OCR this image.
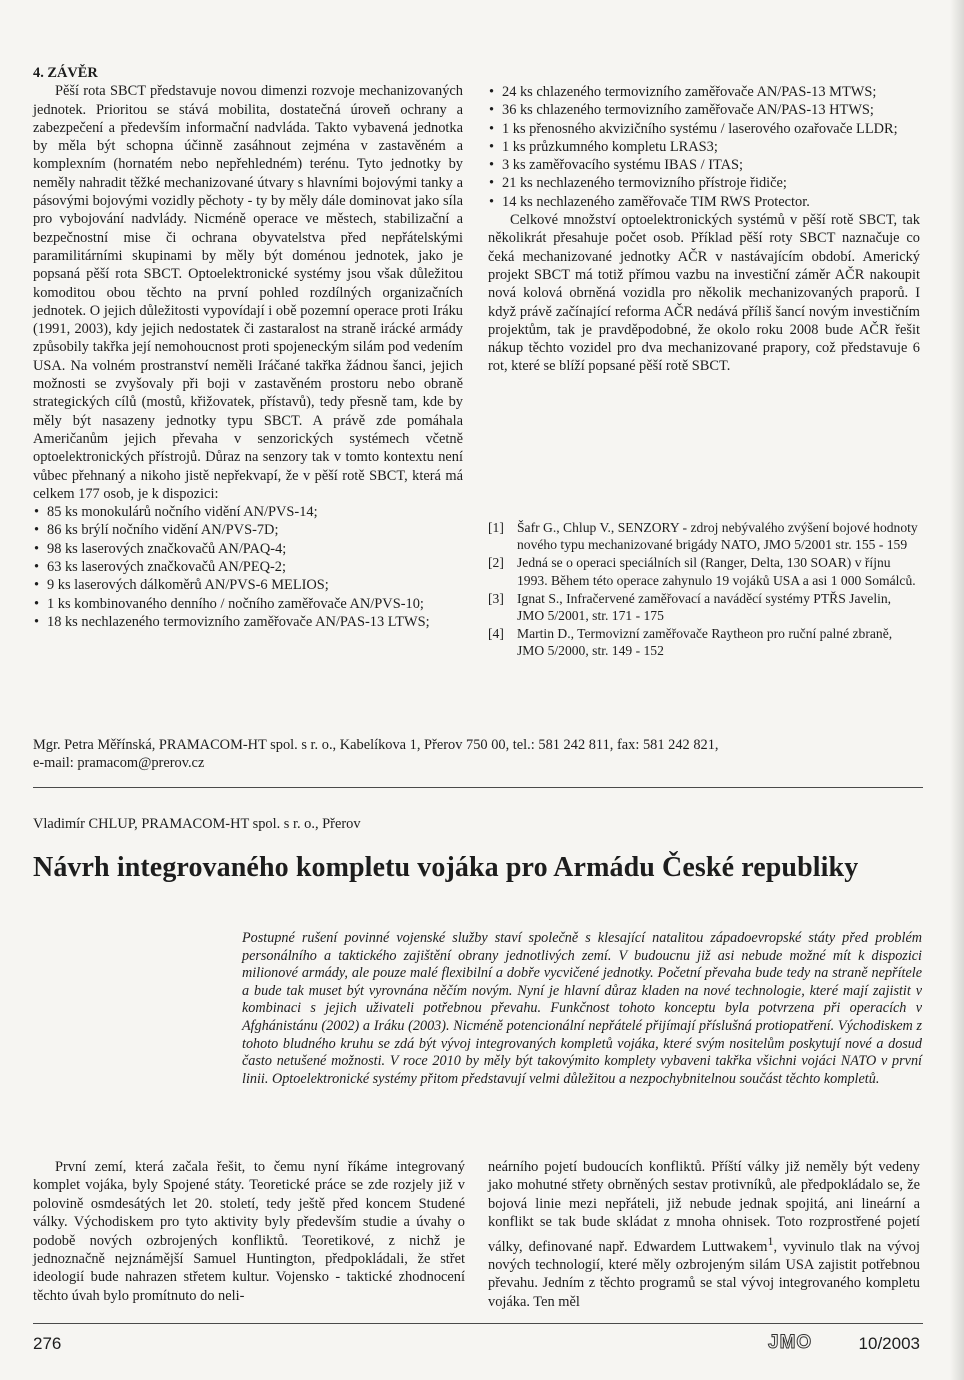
4. ZÁVĚR

Pěší rota SBCT představuje novou dimenzi rozvoje mechanizovaných jednotek. Prioritou se stává mobilita, dostatečná úroveň ochrany a zabezpečení a především informační nadvláda. Takto vybavená jednotka by měla být schopna účinně zasáhnout zejména v zastavěném a komplexním (hornatém nebo nepřehledném) terénu. Tyto jednotky by neměly nahradit těžké mechanizované útvary s hlavními bojovými tanky a pásovými bojovými vozidly pěchoty - ty by měly dále dominovat jako síla pro vybojování nadvlády. Nicméně operace ve městech, stabilizační a bezpečnostní mise či ochrana obyvatelstva před nepřátelskými paramilitárními skupinami by měly být doménou jednotek, jako je popsaná pěší rota SBCT. Optoelektronické systémy jsou však důležitou komoditou obou těchto na první pohled rozdílných organizačních jednotek. O jejich důležitosti vypovídají i obě pozemní operace proti Iráku (1991, 2003), kdy jejich nedostatek či zastaralost na straně irácké armády způsobily takřka její nemohoucnost proti spojeneckým silám pod vedením USA. Na volném prostranství neměli Iráčané takřka žádnou šanci, jejich možnosti se zvyšovaly při boji v zastavěném prostoru nebo obraně strategických cílů (mostů, křižovatek, přístavů), tedy přesně tam, kde by měly být nasazeny jednotky typu SBCT. A právě zde pomáhala Američanům jejich převaha v senzorických systémech včetně optoelektronických přístrojů. Důraz na senzory tak v tomto kontextu není vůbec přehnaný a nikoho jistě nepřekvapí, že v pěší rotě SBCT, která má celkem 177 osob, je k dispozici:

• 85 ks monokulárů nočního vidění AN/PVS-14;
• 86 ks brýlí nočního vidění AN/PVS-7D;
• 98 ks laserových značkovačů AN/PAQ-4;
• 63 ks laserových značkovačů AN/PEQ-2;
• 9 ks laserových dálkoměrů AN/PVS-6 MELIOS;
• 1 ks kombinovaného denního / nočního zaměřovače AN/PVS-10;
• 18 ks nechlazeného termovizního zaměřovače AN/PAS-13 LTWS;
• 24 ks chlazeného termovizního zaměřovače AN/PAS-13 MTWS;
• 36 ks chlazeného termovizního zaměřovače AN/PAS-13 HTWS;
• 1 ks přenosného akvizičního systému / laserového ozařovače LLDR;
• 1 ks průzkumného kompletu LRAS3;
• 3 ks zaměřovacího systému IBAS / ITAS;
• 21 ks nechlazeného termovizního přístroje řidiče;
• 14 ks nechlazeného zaměřovače TIM RWS Protector.

Celkové množství optoelektronických systémů v pěší rotě SBCT, tak několikrát přesahuje počet osob. Příklad pěší roty SBCT naznačuje co čeká mechanizované jednotky AČR v nastávajícím období. Americký projekt SBCT má totiž přímou vazbu na investiční záměr AČR nakoupit nová kolová obrněná vozidla pro několik mechanizovaných praporů. I když právě začínající reforma AČR nedává příliš šancí novým investičním projektům, tak je pravděpodobné, že okolo roku 2008 bude AČR řešit nákup těchto vozidel pro dva mechanizované prapory, což představuje 6 rot, které se blíží popsané pěší rotě SBCT.

[1] Šafr G., Chlup V., SENZORY - zdroj nebývalého zvýšení bojové hodnoty nového typu mechanizované brigády NATO, JMO 5/2001 str. 155 - 159
[2] Jedná se o operaci speciálních sil (Ranger, Delta, 130 SOAR) v říjnu 1993. Během této operace zahynulo 19 vojáků USA a asi 1 000 Somálců.
[3] Ignat S., Infračervené zaměřovací a naváděcí systémy PTŘS Javelin, JMO 5/2001, str. 171 - 175
[4] Martin D., Termovizní zaměřovače Raytheon pro ruční palné zbraně, JMO 5/2000, str. 149 - 152
Mgr. Petra Měřínská, PRAMACOM-HT spol. s r. o., Kabelíkova 1, Přerov 750 00, tel.: 581 242 811, fax: 581 242 821,
e-mail: pramacom@prerov.cz
Vladimír CHLUP, PRAMACOM-HT spol. s r. o., Přerov
Návrh integrovaného kompletu vojáka pro Armádu České republiky

Postupné rušení povinné vojenské služby staví společně s klesající natalitou západoevropské státy před problém personálního a taktického zajištění obrany jednotlivých zemí. V budoucnu již asi nebude možné mít k dispozici milionové armády, ale pouze malé flexibilní a dobře vycvičené jednotky. Početní převaha bude tedy na straně nepřítele a bude tak muset být vyrovnána něčím novým. Nyní je hlavní důraz kladen na nové technologie, které mají zajistit v kombinaci s jejich uživateli potřebnou převahu. Funkčnost tohoto konceptu byla potvrzena při operacích v Afghánistánu (2002) a Iráku (2003). Nicméně potencionální nepřátelé přijímají příslušná protiopatření. Východiskem z tohoto bludného kruhu se zdá být vývoj integrovaných kompletů vojáka, které svým nositelům poskytují nové a dosud často netušené možnosti. V roce 2010 by měly být takovýmito komplety vybaveni takřka všichni vojáci NATO v první linii. Optoelektronické systémy přitom představují velmi důležitou a nezpochybnitelnou součást těchto kompletů.

První zemí, která začala řešit, to čemu nyní říkáme integrovaný komplet vojáka, byly Spojené státy. Teoretické práce se zde rozjely již v polovině osmdesátých let 20. století, tedy ještě před koncem Studené války. Východiskem pro tyto aktivity byly především studie a úvahy o podobě nových ozbrojených konfliktů. Teoretikové, z nichž je jednoznačně nejznámější Samuel Huntington, předpokládali, že střet ideologií bude nahrazen střetem kultur. Vojensko - taktické zhodnocení těchto úvah bylo promítnuto do neli-

neárního pojetí budoucích konfliktů. Příští války již neměly být vedeny jako mohutné střety obrněných sestav protivníků, ale předpokládalo se, že bojová linie mezi nepřáteli, již nebude jednak spojitá, ani lineární a konflikt se tak bude skládat z mnoha ohnisek. Toto rozprostřené pojetí války, definované např. Edwardem Luttwakem$^1$, vyvinulo tlak na vývoj nových technologií, které měly ozbrojeným silám USA zajistit potřebnou převahu. Jedním z těchto programů se stal vývoj integrovaného kompletu vojáka. Ten měl

276	JMO	10/2003
